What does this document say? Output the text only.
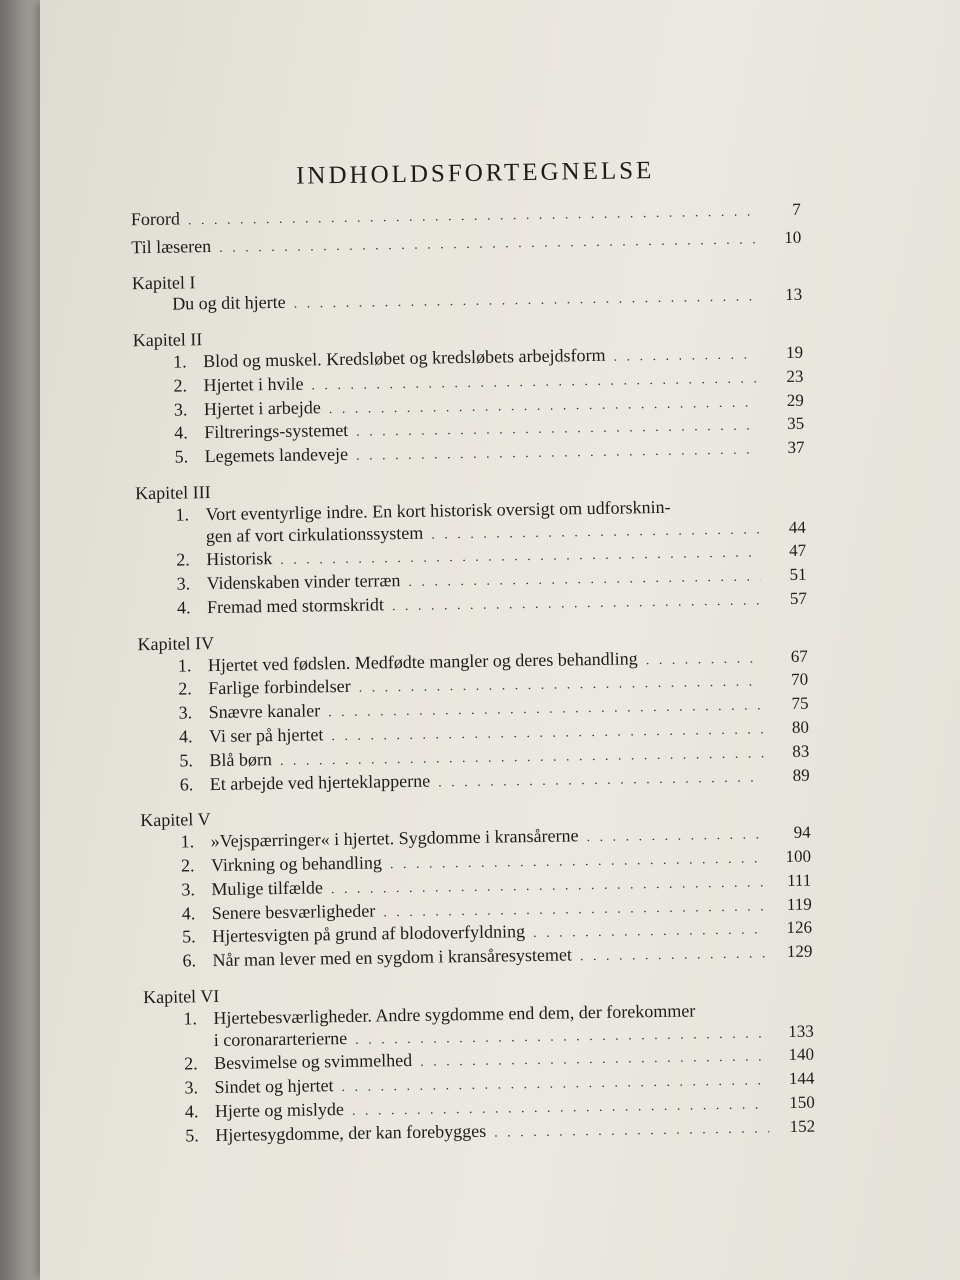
INDHOLDSFORTEGNELSE
Forord . . .	7
Til læseren . . .	10
Kapitel I
Du og dit hjerte . . .	13
Kapitel II
1. Blod og muskel. Kredsløbet og kredsløbets arbejdsform . . .	19
2. Hjertet i hvile . . .	23
3. Hjertet i arbejde . . .	29
4. Filtrerings-systemet . . .	35
5. Legemets landeveje . . .	37
Kapitel III
1. Vort eventyrlige indre. En kort historisk oversigt om udforsknin-
gen af vort cirkulationssystem . . .	44
2. Historisk . . .	47
3. Videnskaben vinder terræn . . .	51
4. Fremad med stormskridt . . .	57
Kapitel IV
1. Hjertet ved fødslen. Medfødte mangler og deres behandling . . .	67
2. Farlige forbindelser . . .	70
3. Snævre kanaler . . .	75
4. Vi ser på hjertet . . .	80
5. Blå børn . . .	83
6. Et arbejde ved hjerteklapperne . . .	89
Kapitel V
1. »Vejspærringer« i hjertet. Sygdomme i kransårerne . . .	94
2. Virkning og behandling . . .	100
3. Mulige tilfælde . . .	111
4. Senere besværligheder . . .	119
5. Hjertesvigten på grund af blodoverfyldning . . .	126
6. Når man lever med en sygdom i kransåresystemet . . .	129
Kapitel VI
1. Hjertebesværligheder. Andre sygdomme end dem, der forekommer
i coronararterierne . . .	133
2. Besvimelse og svimmelhed . . .	140
3. Sindet og hjertet . . .	144
4. Hjerte og mislyde . . .	150
5. Hjertesygdomme, der kan forebygges . . .	152
